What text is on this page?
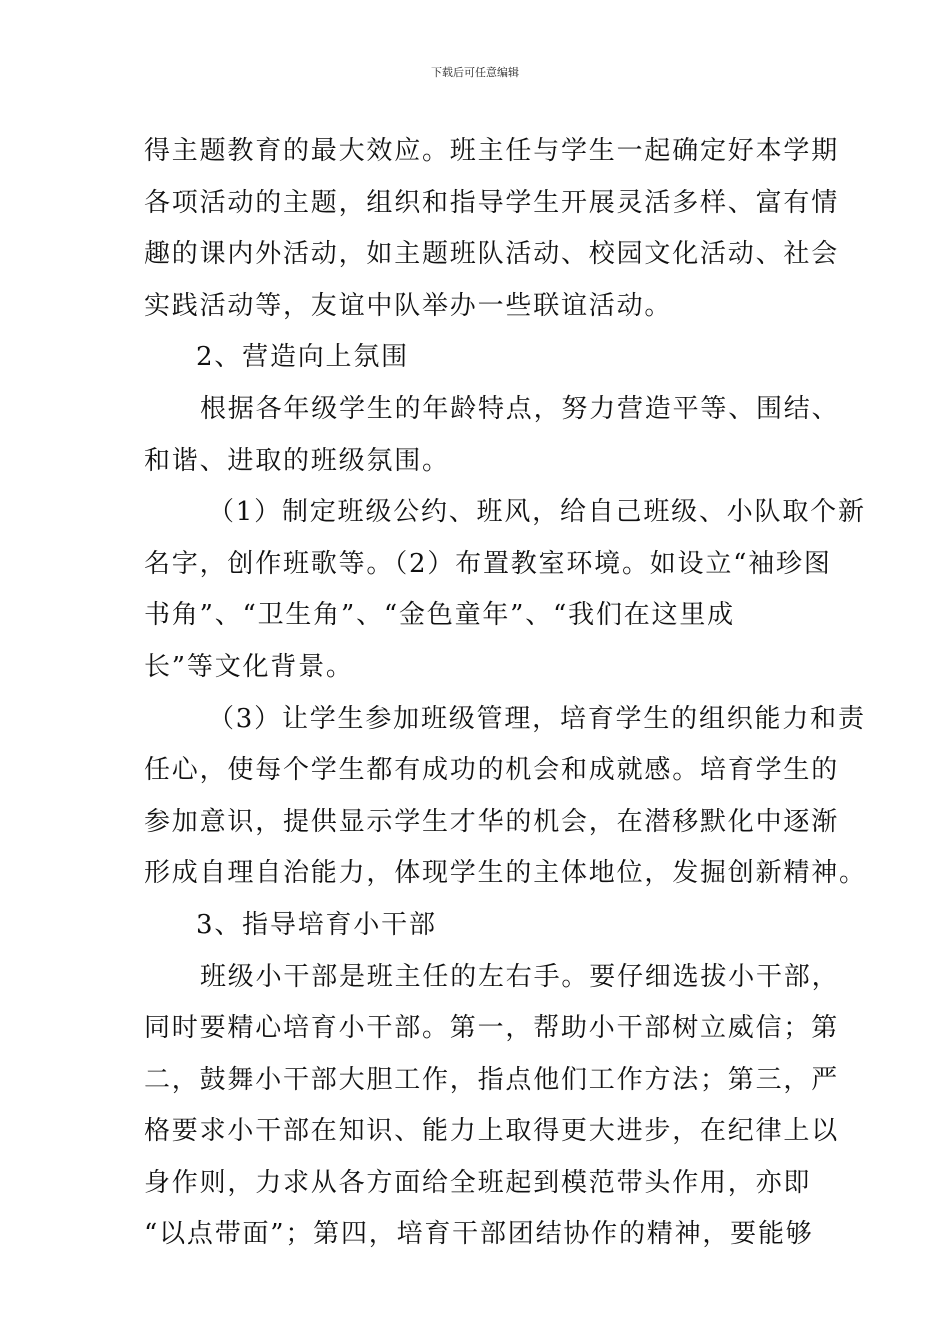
下载后可任意编辑
得主题教育的最大效应。班主任与学生一起确定好本学期
各项活动的主题，组织和指导学生开展灵活多样、富有情
趣的课内外活动，如主题班队活动、校园文化活动、社会
实践活动等，友谊中队举办一些联谊活动。
2、营造向上氛围
根据各年级学生的年龄特点，努力营造平等、围结、
和谐、进取的班级氛围。
（1）制定班级公约、班风，给自己班级、小队取个新
名字，创作班歌等。（2）布置教室环境。如设立“袖珍图
书角”、“卫生角”、“金色童年”、“我们在这里成
长”等文化背景。
（3）让学生参加班级管理，培育学生的组织能力和责
任心，使每个学生都有成功的机会和成就感。培育学生的
参加意识，提供显示学生才华的机会，在潜移默化中逐渐
形成自理自治能力，体现学生的主体地位，发掘创新精神。
3、指导培育小干部
班级小干部是班主任的左右手。要仔细选拔小干部，
同时要精心培育小干部。第一，帮助小干部树立威信；第
二，鼓舞小干部大胆工作，指点他们工作方法；第三，严
格要求小干部在知识、能力上取得更大进步，在纪律上以
身作则，力求从各方面给全班起到模范带头作用，亦即
“以点带面”；第四，培育干部团结协作的精神，要能够
